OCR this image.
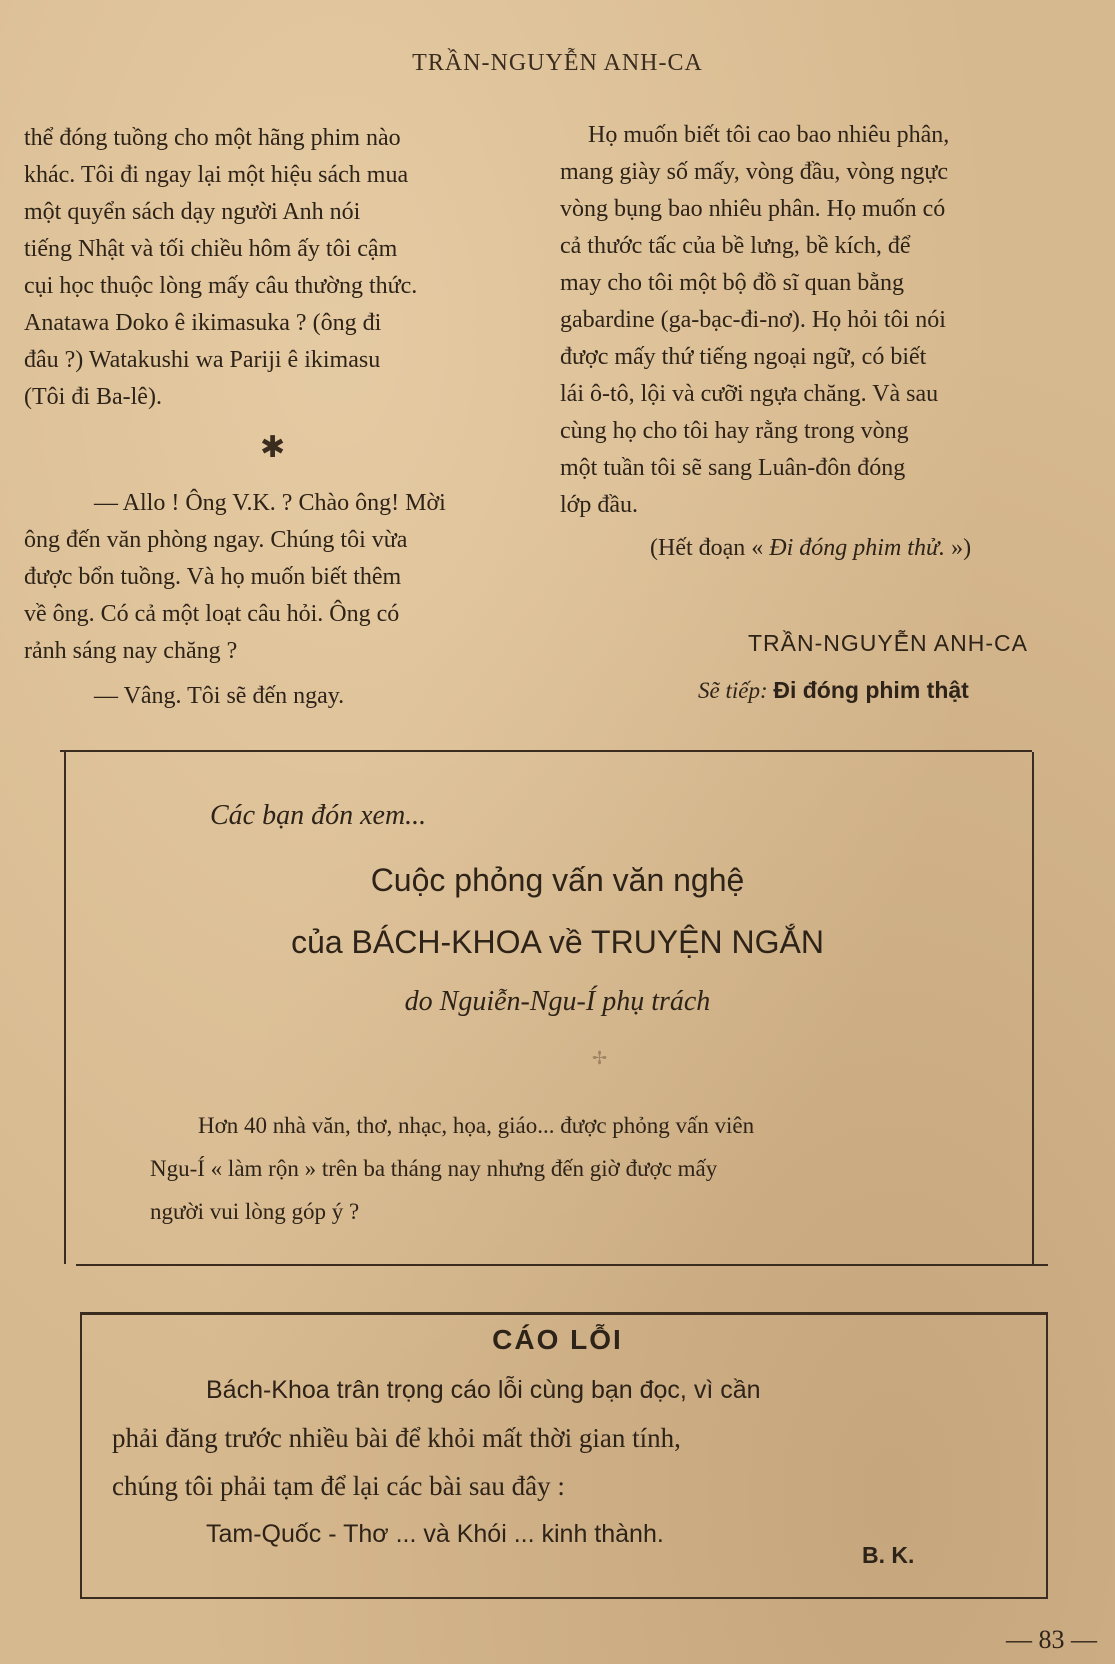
TRẦN-NGUYỄN ANH-CA

thể đóng tuồng cho một hãng phim nào

khác. Tôi đi ngay lại một hiệu sách mua

một quyển sách dạy người Anh nói

tiếng Nhật và tối chiều hôm ấy tôi cậm

cụi học thuộc lòng mấy câu thường thức.

Anatawa Doko ê ikimasuka ? (ông đi

đâu ?) Watakushi wa Pariji ê ikimasu

(Tôi đi Ba-lê).

✱

— Allo ! Ông V.K. ? Chào ông! Mời

ông đến văn phòng ngay. Chúng tôi vừa

được bổn tuồng. Và họ muốn biết thêm

về ông. Có cả một loạt câu hỏi. Ông có

rảnh sáng nay chăng ?

— Vâng. Tôi sẽ đến ngay.

Họ muốn biết tôi cao bao nhiêu phân,

mang giày số mấy, vòng đầu, vòng ngực

vòng bụng bao nhiêu phân. Họ muốn có

cả thước tấc của bề lưng, bề kích, để

may cho tôi một bộ đồ sĩ quan bằng

gabardine (ga-bạc-đi-nơ). Họ hỏi tôi nói

được mấy thứ tiếng ngoại ngữ, có biết

lái ô-tô, lội và cưỡi ngựa chăng. Và sau

cùng họ cho tôi hay rằng trong vòng

một tuần tôi sẽ sang Luân-đôn đóng

lớp đầu.

(Hết đoạn « Đi đóng phim thử. »)

TRẦN-NGUYỄN ANH-CA
Sẽ tiếp: Đi đóng phim thật
Các bạn đón xem...
Cuộc phỏng vấn văn nghệ
của BÁCH-KHOA về TRUYỆN NGẮN
do Nguiễn-Ngu-Í phụ trách
✢

Hơn 40 nhà văn, thơ, nhạc, họa, giáo... được phỏng vấn viên

Ngu-Í « làm rộn » trên ba tháng nay nhưng đến giờ được mấy

người vui lòng góp ý ?

CÁO LỖI

Bách-Khoa trân trọng cáo lỗi cùng bạn đọc, vì cần

phải đăng trước nhiều bài để khỏi mất thời gian tính,

chúng tôi phải tạm để lại các bài sau đây :

Tam-Quốc - Thơ ... và Khói ... kinh thành.

B. K.
— 83 —
